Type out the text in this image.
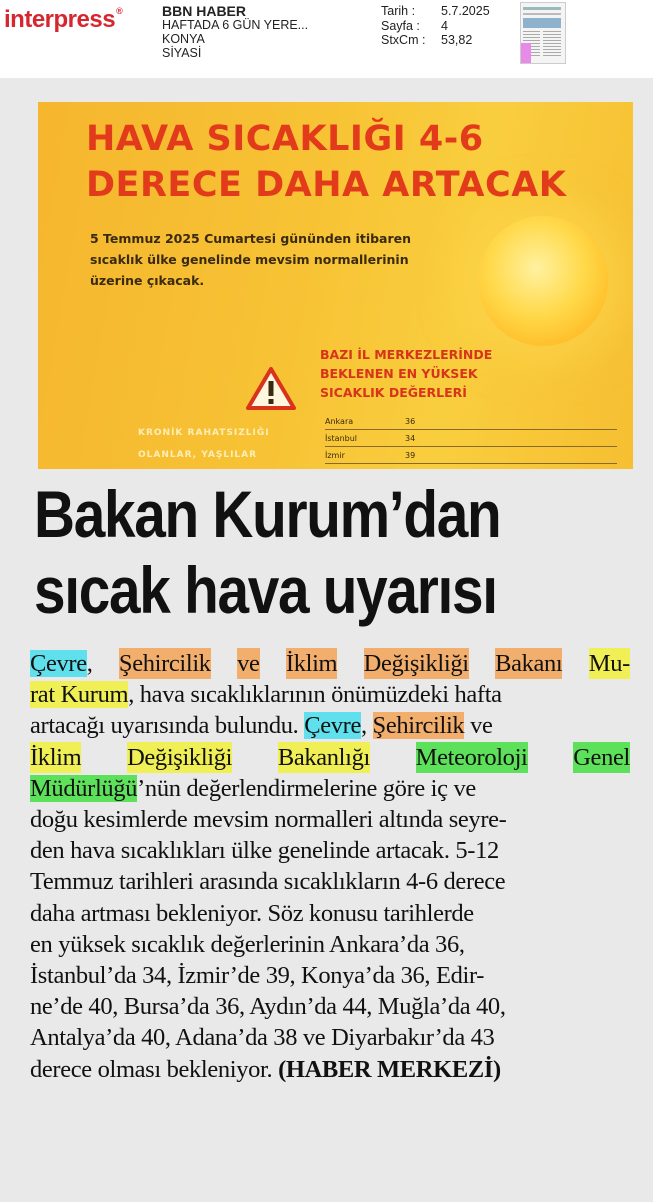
interpress®	BBN HABER
HAFTADA 6 GÜN YERE...
KONYA
SİYASİ
Tarih :	5.7.2025
Sayfa :	4
StxCm :	53,82
HAVA SICAKLIĞI 4-6
DERECE DAHA ARTACAK
5 Temmuz 2025 Cumartesi gününden itibaren
sıcaklık ülke genelinde mevsim normallerinin
üzerine çıkacak.
KRONİK RAHATSIZLIĞI
OLANLAR, YAŞLILAR
BAZI İL MERKEZLERİNDE
BEKLENEN EN YÜKSEK
SICAKLIK DEĞERLERİ
Ankara	36
İstanbul	34
İzmir	39
Bakan Kurum’dan
sıcak hava uyarısı
Çevre, Şehircilik ve İklim Değişikliği Bakanı Mu-
rat Kurum, hava sıcaklıklarının önümüzdeki hafta
artacağı uyarısında bulundu. Çevre, Şehircilik ve
İklim Değişikliği Bakanlığı Meteoroloji Genel
Müdürlüğü’nün değerlendirmelerine göre iç ve
doğu kesimlerde mevsim normalleri altında seyre-
den hava sıcaklıkları ülke genelinde artacak. 5-12
Temmuz tarihleri arasında sıcaklıkların 4-6 derece
daha artması bekleniyor. Söz konusu tarihlerde
en yüksek sıcaklık değerlerinin Ankara’da 36,
İstanbul’da 34, İzmir’de 39, Konya’da 36, Edir-
ne’de 40, Bursa’da 36, Aydın’da 44, Muğla’da 40,
Antalya’da 40, Adana’da 38 ve Diyarbakır’da 43
derece olması bekleniyor. (HABER MERKEZİ)
